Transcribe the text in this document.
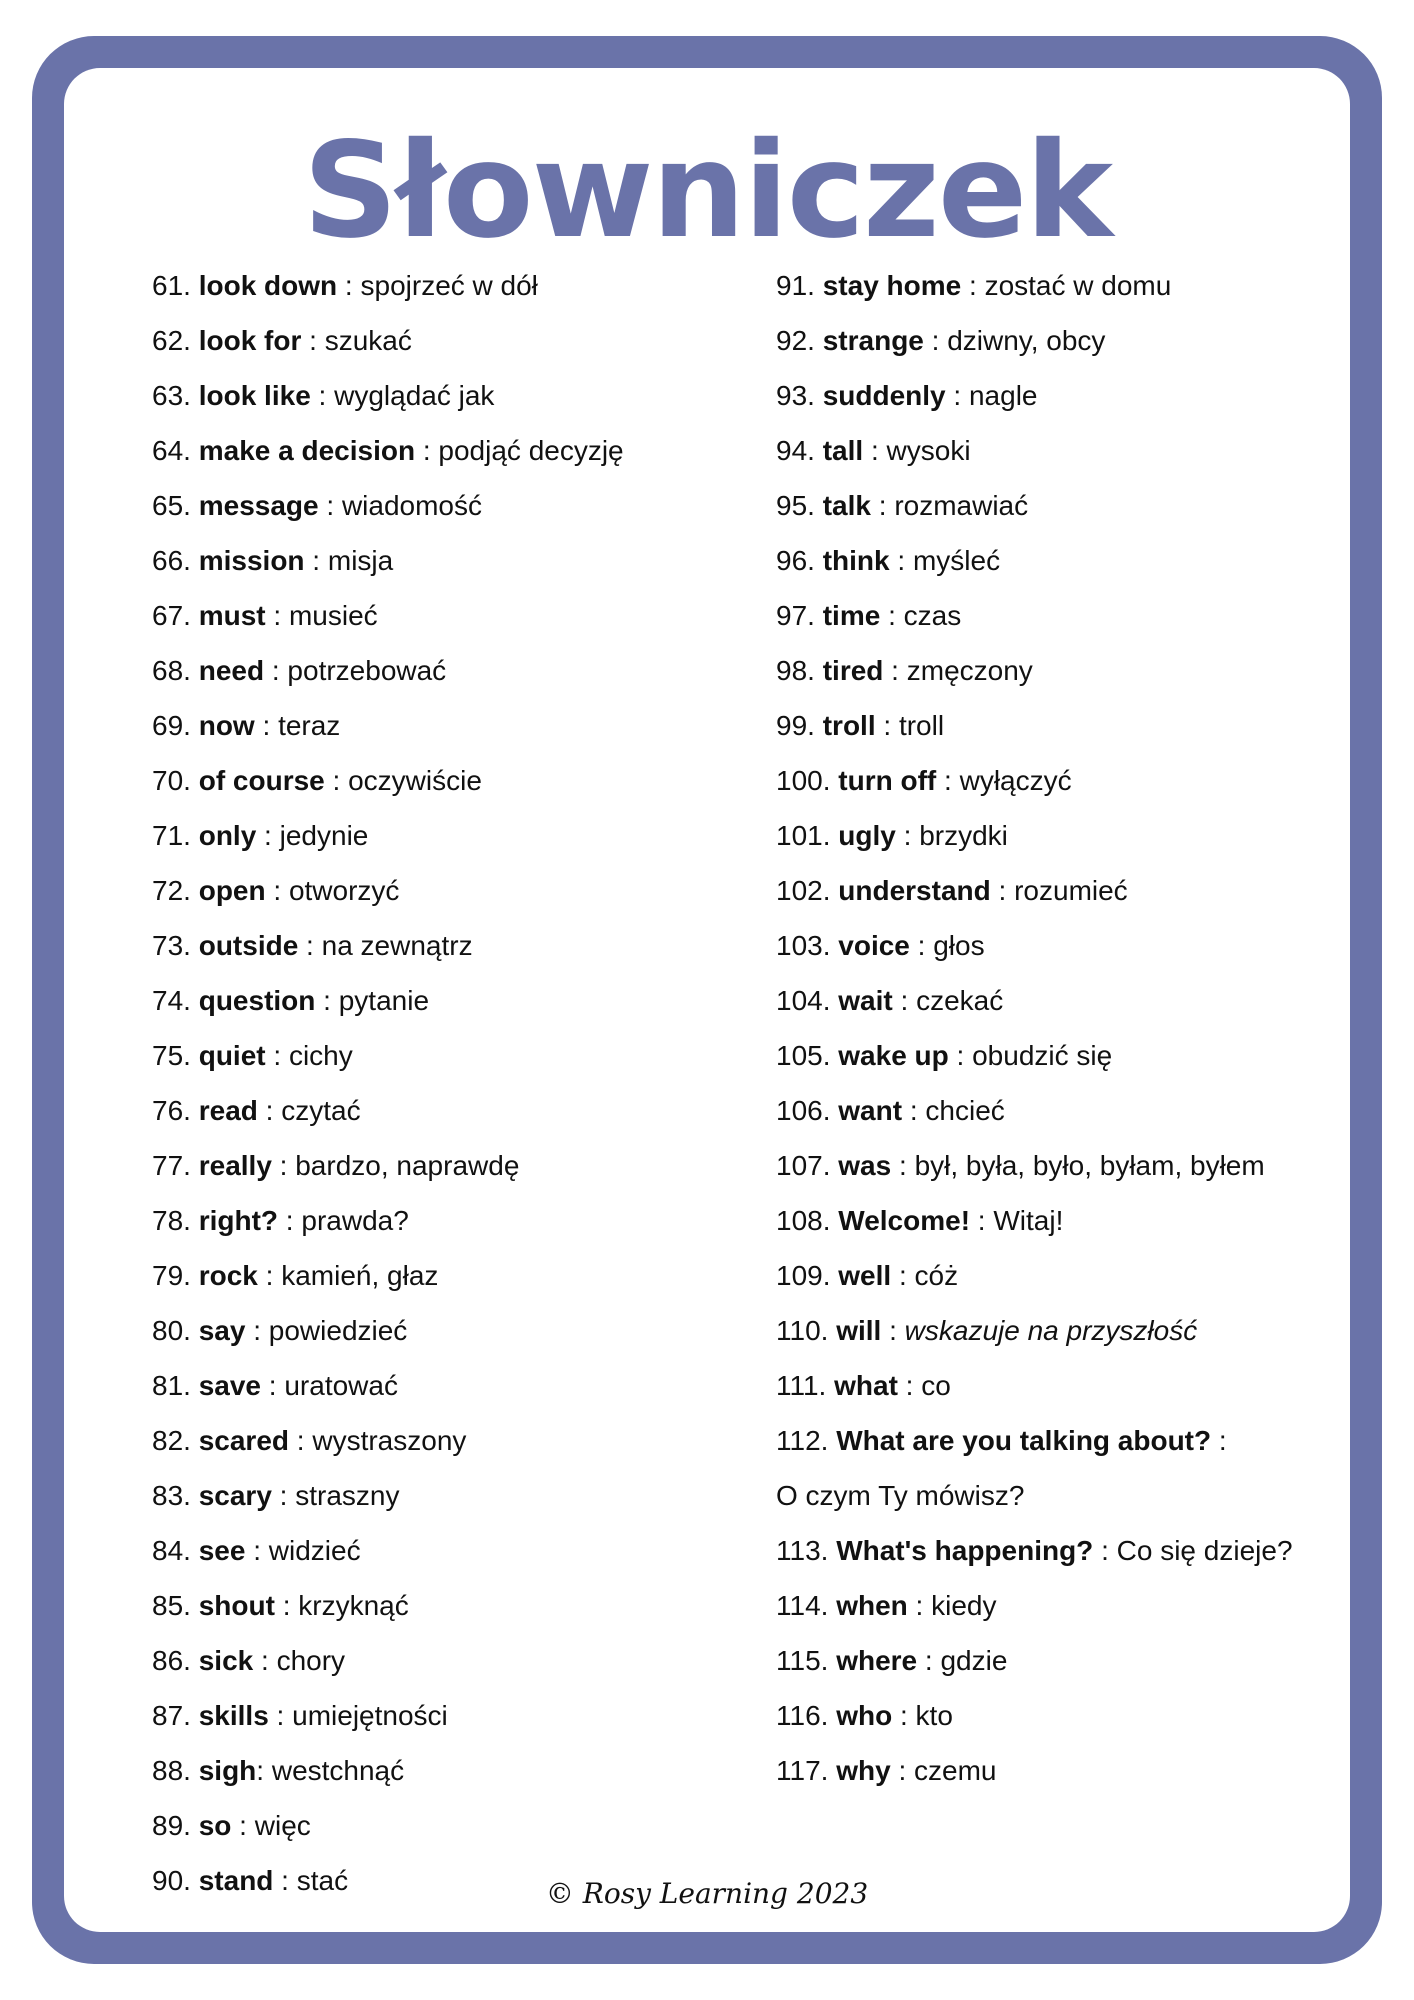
Słowniczek
61. look down : spojrzeć w dół
62. look for : szukać
63. look like : wyglądać jak
64. make a decision : podjąć decyzję
65. message : wiadomość
66. mission : misja
67. must : musieć
68. need : potrzebować
69. now : teraz
70. of course : oczywiście
71. only : jedynie
72. open : otworzyć
73. outside : na zewnątrz
74. question : pytanie
75. quiet : cichy
76. read : czytać
77. really : bardzo, naprawdę
78. right? : prawda?
79. rock : kamień, głaz
80. say : powiedzieć
81. save : uratować
82. scared : wystraszony
83. scary : straszny
84. see : widzieć
85. shout : krzyknąć
86. sick : chory
87. skills : umiejętności
88. sigh: westchnąć
89. so : więc
90. stand : stać
91. stay home : zostać w domu
92. strange : dziwny, obcy
93. suddenly : nagle
94. tall : wysoki
95. talk : rozmawiać
96. think : myśleć
97. time : czas
98. tired : zmęczony
99. troll : troll
100. turn off : wyłączyć
101. ugly : brzydki
102. understand : rozumieć
103. voice : głos
104. wait : czekać
105. wake up : obudzić się
106. want : chcieć
107. was : był, była, było, byłam, byłem
108. Welcome! : Witaj!
109. well : cóż
110. will : wskazuje na przyszłość
111. what : co
112. What are you talking about? :
O czym Ty mówisz?
113. What's happening? : Co się dzieje?
114. when : kiedy
115. where : gdzie
116. who : kto
117. why : czemu
© Rosy Learning 2023
